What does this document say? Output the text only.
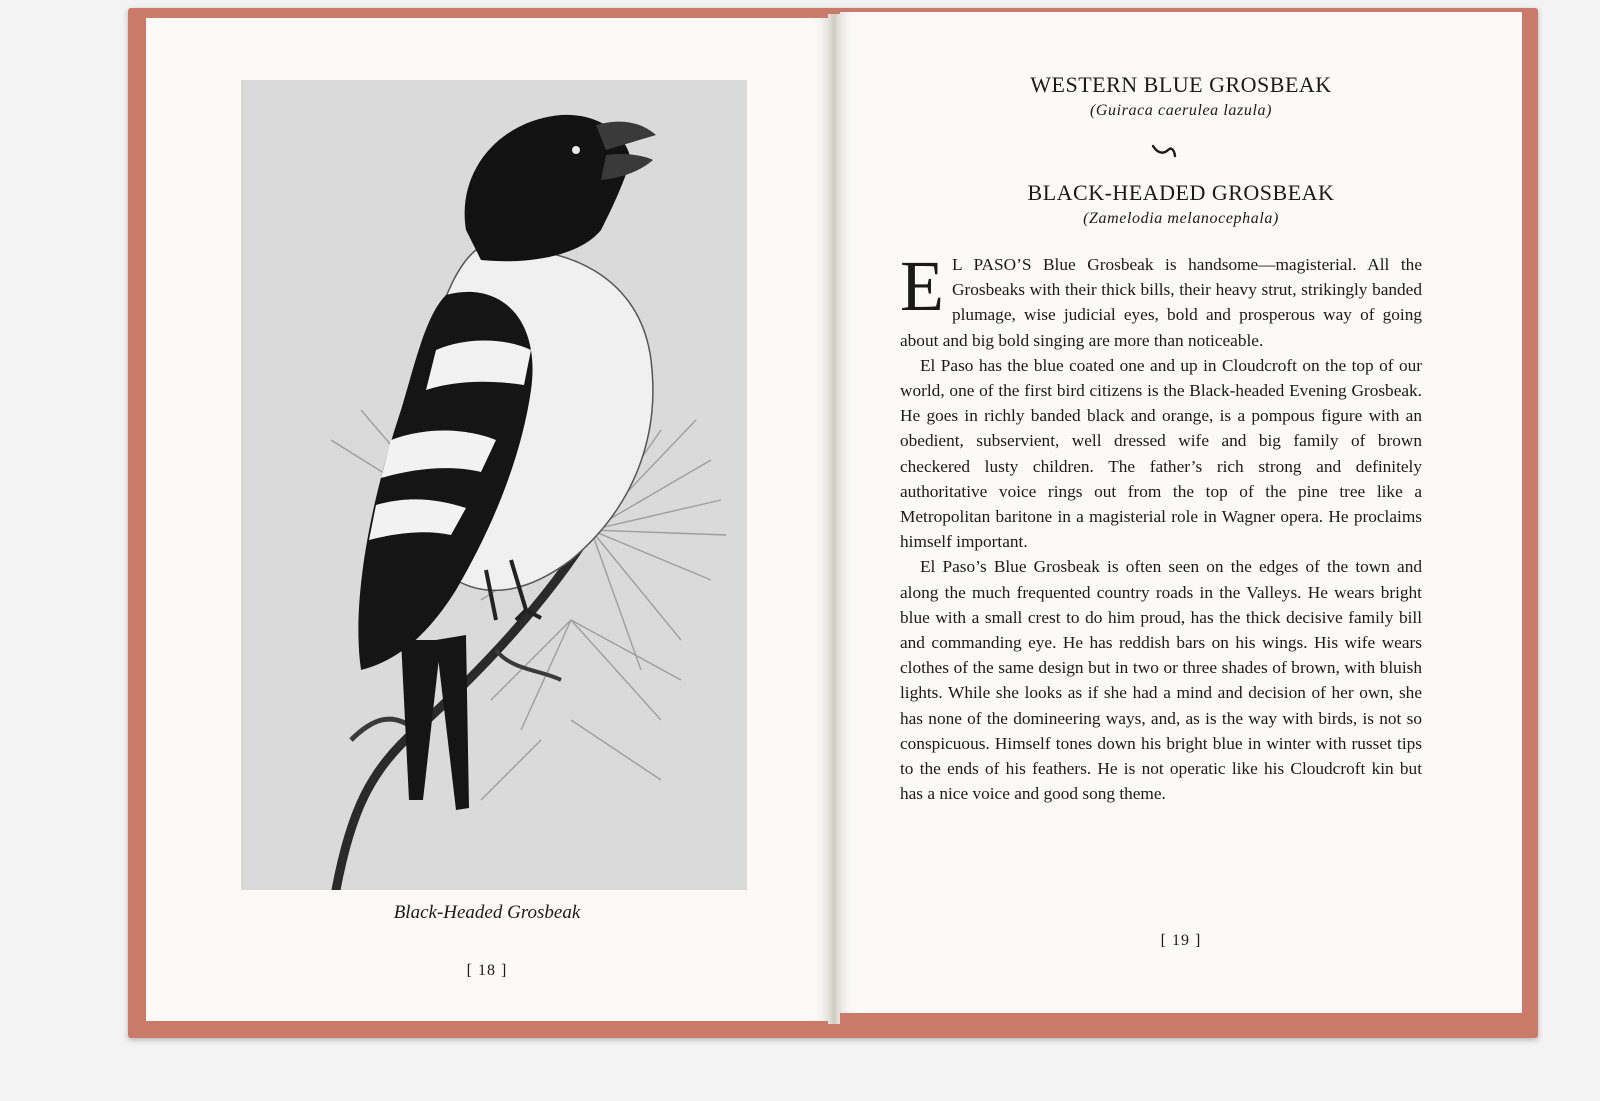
Black-Headed Grosbeak
[ 18 ]
WESTERN BLUE GROSBEAK
(Guiraca caerulea lazula)
BLACK-HEADED GROSBEAK
(Zamelodia melanocephala)

E L PASO’S Blue Grosbeak is handsome—magisterial. All the Grosbeaks with their thick bills, their heavy strut, strikingly banded plumage, wise judicial eyes, bold and prosperous way of going about and big bold singing are more than noticeable.

El Paso has the blue coated one and up in Cloudcroft on the top of our world, one of the first bird citizens is the Black-headed Evening Grosbeak. He goes in richly banded black and orange, is a pompous figure with an obedient, subservient, well dressed wife and big family of brown checkered lusty children. The father’s rich strong and definitely authoritative voice rings out from the top of the pine tree like a Metropolitan baritone in a magisterial role in Wagner opera. He proclaims himself important.

El Paso’s Blue Grosbeak is often seen on the edges of the town and along the much frequented country roads in the Valleys. He wears bright blue with a small crest to do him proud, has the thick decisive family bill and commanding eye. He has reddish bars on his wings. His wife wears clothes of the same design but in two or three shades of brown, with bluish lights. While she looks as if she had a mind and decision of her own, she has none of the domineering ways, and, as is the way with birds, is not so conspicuous. Himself tones down his bright blue in winter with russet tips to the ends of his feathers. He is not operatic like his Cloudcroft kin but has a nice voice and good song theme.

[ 19 ]
